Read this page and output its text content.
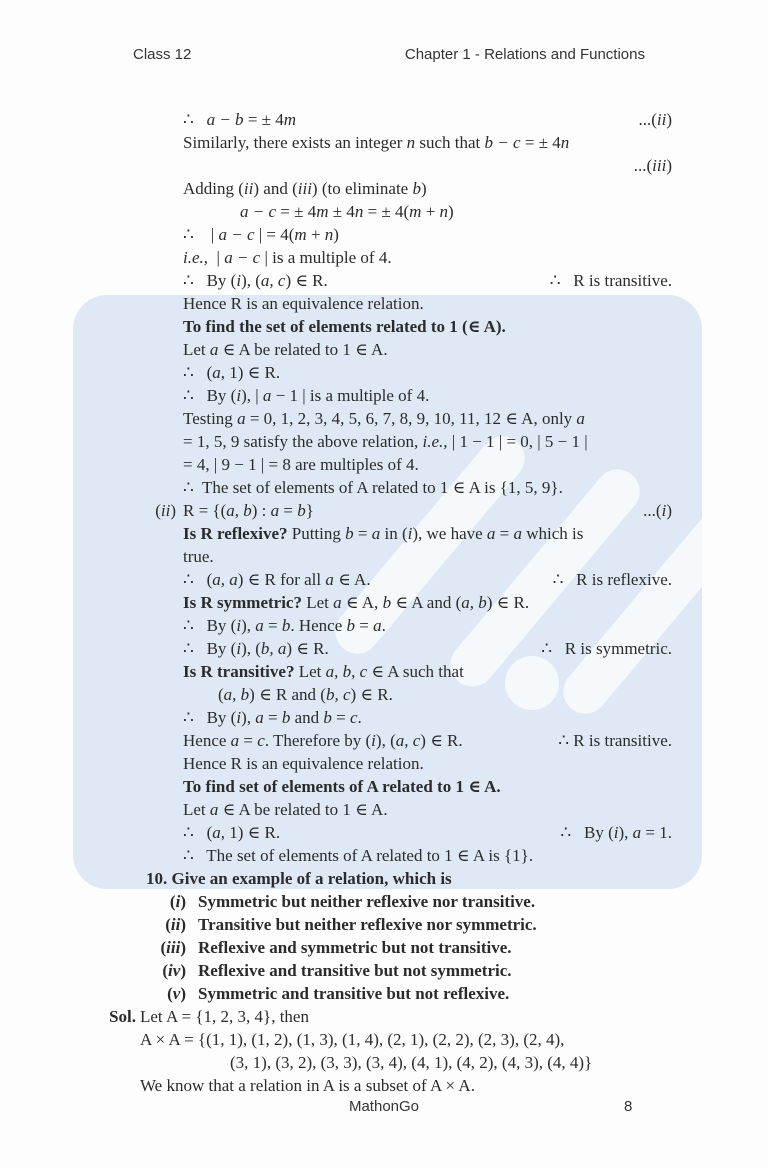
Class 12	Chapter 1 - Relations and Functions
∴   a − b = ± 4m	...(ii)
Similarly, there exists an integer n such that b − c = ± 4n
...(iii)
Adding (ii) and (iii) (to eliminate b)
a − c = ± 4m ± 4n = ± 4(m + n)
∴    | a − c | = 4(m + n)
i.e.,  | a − c | is a multiple of 4.
∴   By (i), (a, c) ∈ R.	∴   R is transitive.
Hence R is an equivalence relation.
To find the set of elements related to 1 (∈ A).
Let a ∈ A be related to 1 ∈ A.
∴   (a, 1) ∈ R.
∴   By (i), | a − 1 | is a multiple of 4.
Testing a = 0, 1, 2, 3, 4, 5, 6, 7, 8, 9, 10, 11, 12 ∈ A, only a
= 1, 5, 9 satisfy the above relation, i.e., | 1 − 1 | = 0, | 5 − 1 |
= 4, | 9 − 1 | = 8 are multiples of 4.
∴  The set of elements of A related to 1 ∈ A is {1, 5, 9}.
(ii) R = {(a, b) : a = b}	...(i)
Is R reflexive? Putting b = a in (i), we have a = a which is
true.
∴   (a, a) ∈ R for all a ∈ A.	∴   R is reflexive.
Is R symmetric? Let a ∈ A, b ∈ A and (a, b) ∈ R.
∴   By (i), a = b. Hence b = a.
∴   By (i), (b, a) ∈ R.	∴   R is symmetric.
Is R transitive? Let a, b, c ∈ A such that
(a, b) ∈ R and (b, c) ∈ R.
∴   By (i), a = b and b = c.
Hence a = c. Therefore by (i), (a, c) ∈ R.	∴ R is transitive.
Hence R is an equivalence relation.
To find set of elements of A related to 1 ∈ A.
Let a ∈ A be related to 1 ∈ A.
∴   (a, 1) ∈ R.	∴   By (i), a = 1.
∴   The set of elements of A related to 1 ∈ A is {1}.
10. Give an example of a relation, which is
(i) Symmetric but neither reflexive nor transitive.
(ii) Transitive but neither reflexive nor symmetric.
(iii) Reflexive and symmetric but not transitive.
(iv) Reflexive and transitive but not symmetric.
(v) Symmetric and transitive but not reflexive.
Sol. Let A = {1, 2, 3, 4}, then
A × A = {(1, 1), (1, 2), (1, 3), (1, 4), (2, 1), (2, 2), (2, 3), (2, 4),
(3, 1), (3, 2), (3, 3), (3, 4), (4, 1), (4, 2), (4, 3), (4, 4)}
We know that a relation in A is a subset of A × A.
MathonGo	8
